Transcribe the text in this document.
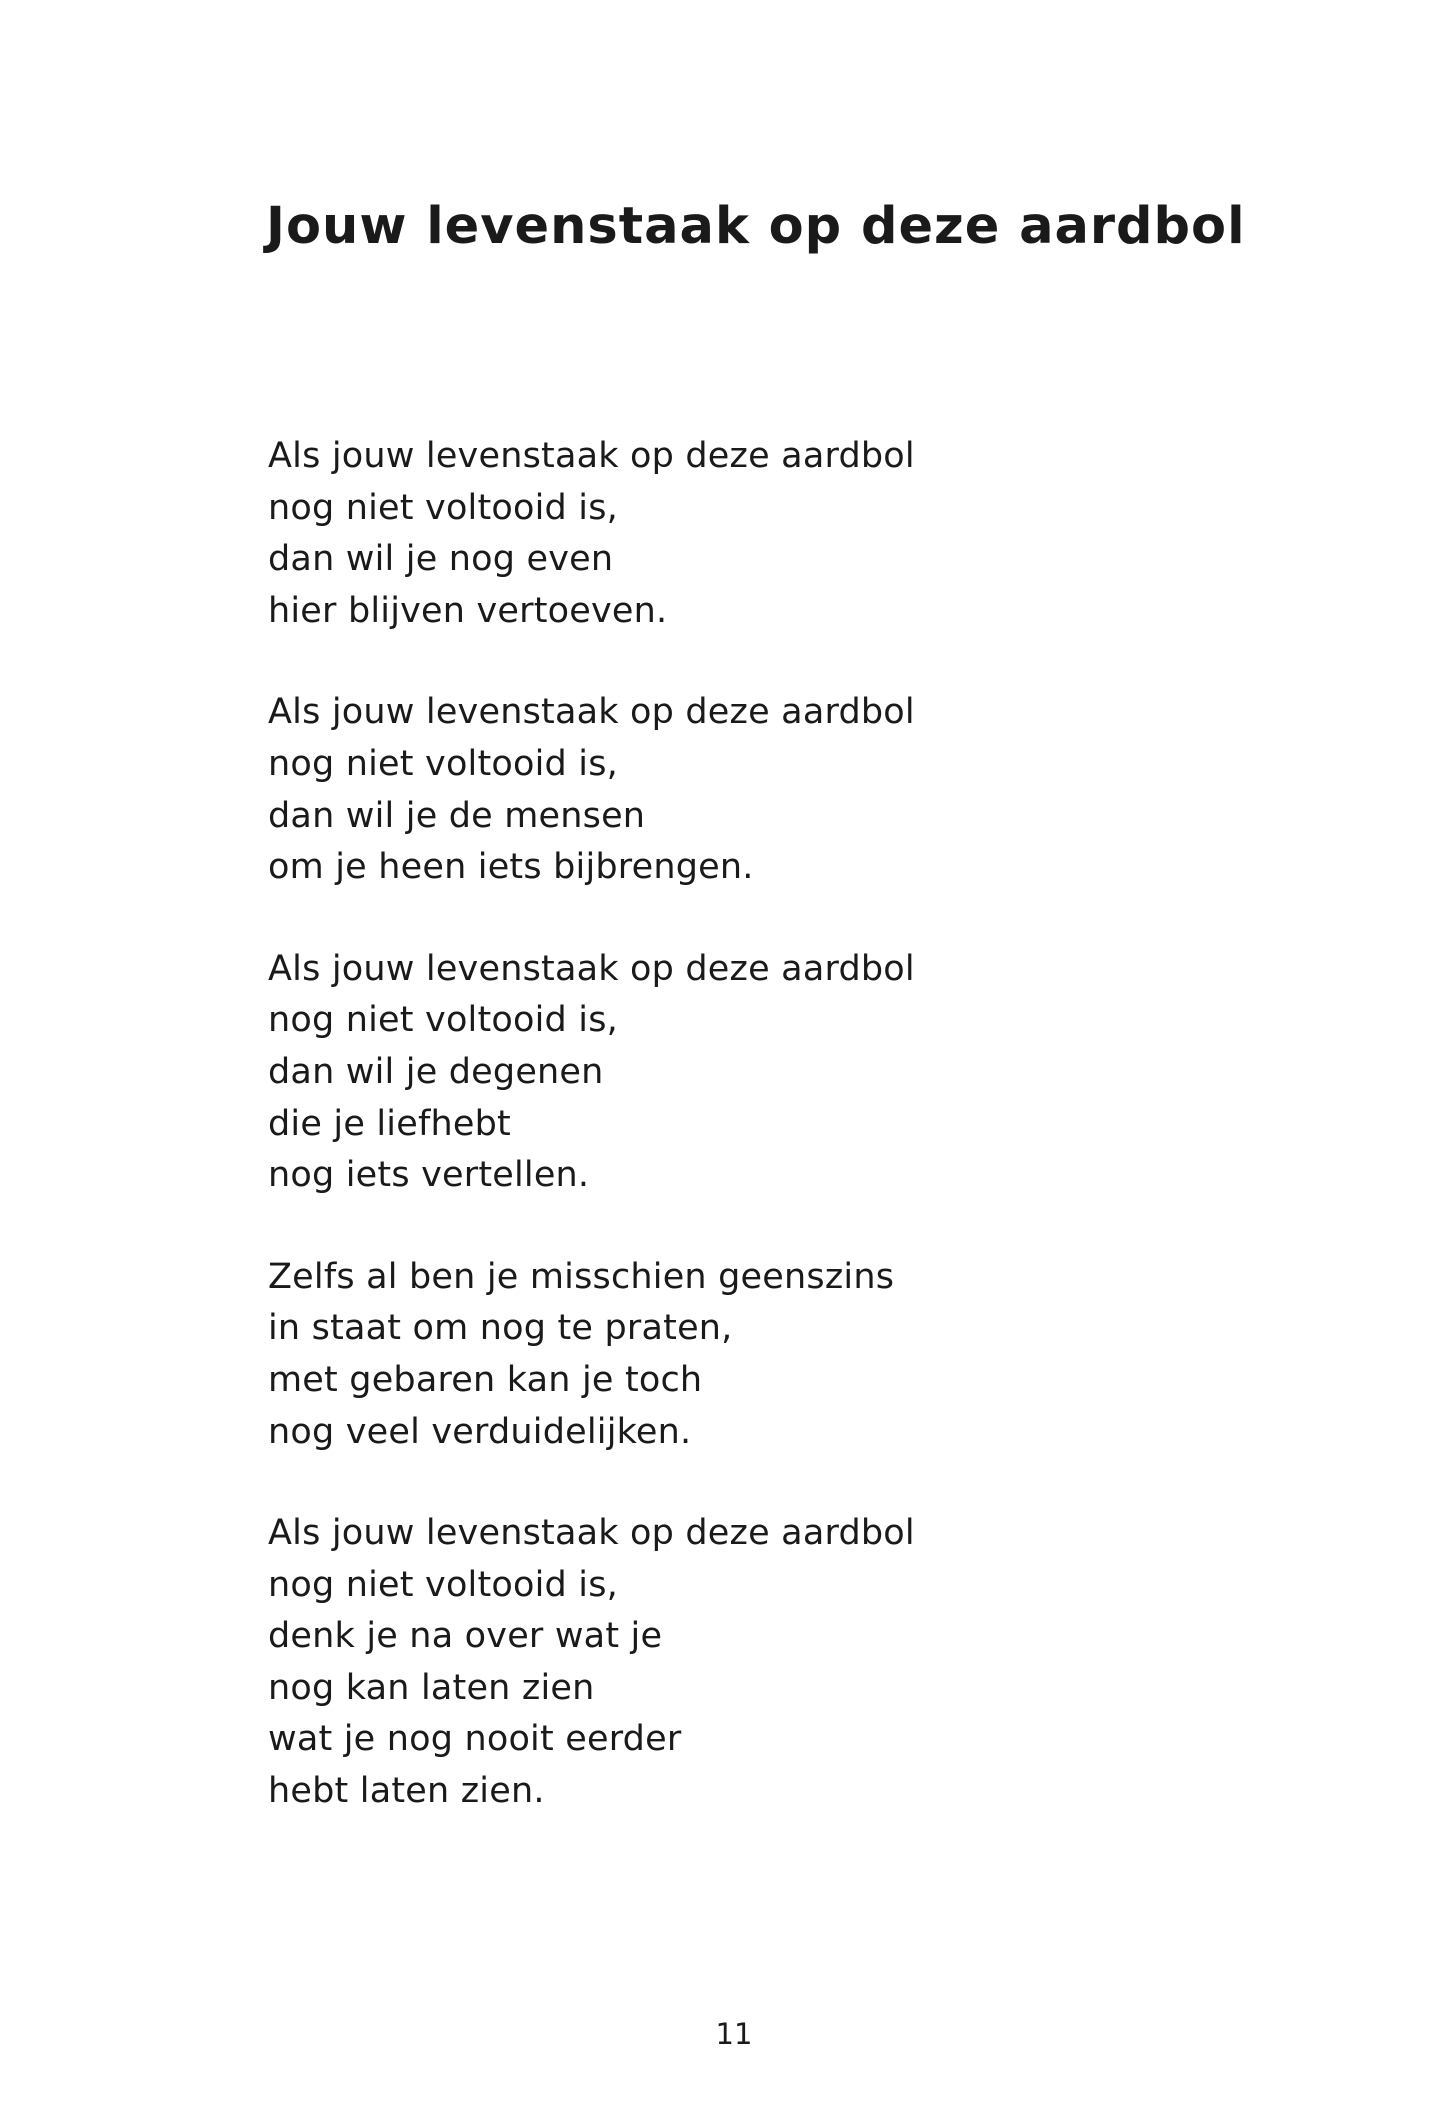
Jouw levenstaak op deze aardbol
Als jouw levenstaak op deze aardbol
nog niet voltooid is,
dan wil je nog even
hier blijven vertoeven.
Als jouw levenstaak op deze aardbol
nog niet voltooid is,
dan wil je de mensen
om je heen iets bijbrengen.
Als jouw levenstaak op deze aardbol
nog niet voltooid is,
dan wil je degenen
die je liefhebt
nog iets vertellen.
Zelfs al ben je misschien geenszins
in staat om nog te praten,
met gebaren kan je toch
nog veel verduidelijken.
Als jouw levenstaak op deze aardbol
nog niet voltooid is,
denk je na over wat je
nog kan laten zien
wat je nog nooit eerder
hebt laten zien.
11
